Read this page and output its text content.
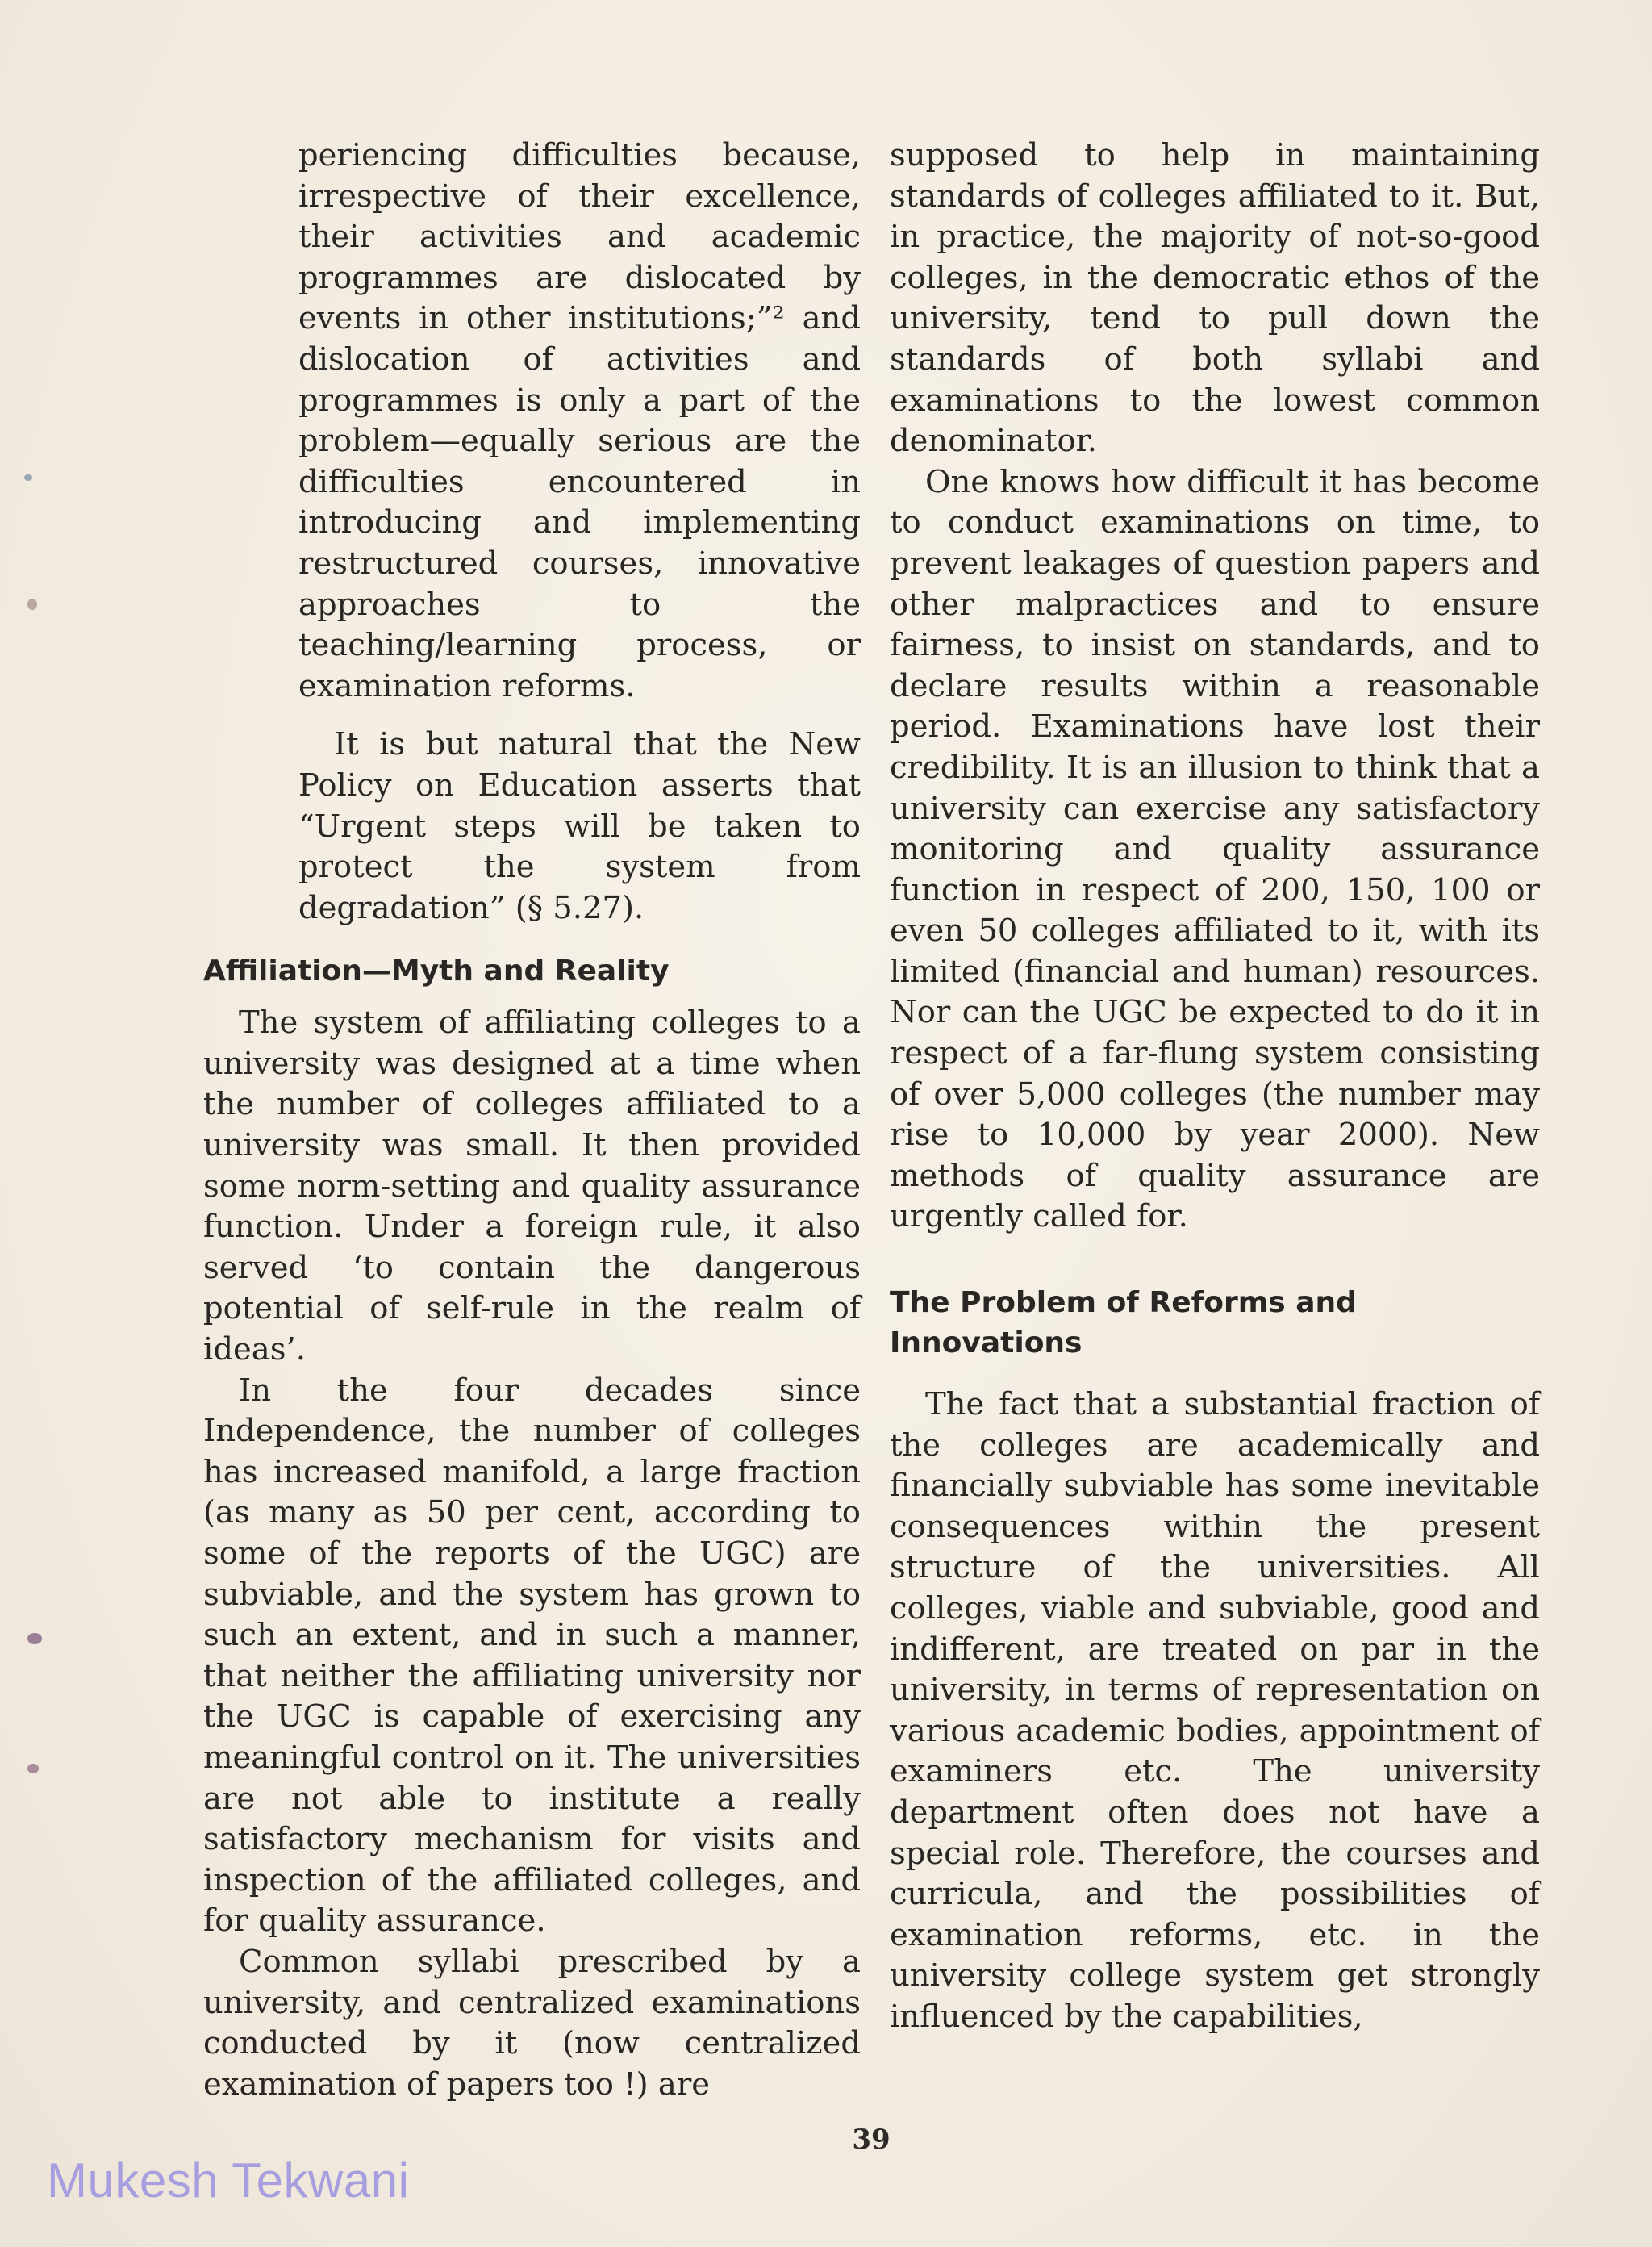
periencing difficulties because, irrespective of their excellence, their activities and academic programmes are dislocated by events in other institutions;”² and dislocation of activities and programmes is only a part of the problem—equally serious are the difficulties encountered in introducing and implementing restructured courses, innovative approaches to the teaching/learning process, or examination reforms.

It is but natural that the New Policy on Education asserts that “Urgent steps will be taken to protect the system from degradation” (§ 5.27).

Affiliation—Myth and Reality

The system of affiliating colleges to a university was designed at a time when the number of colleges affiliated to a university was small. It then provided some norm-setting and quality assurance function. Under a foreign rule, it also served ‘to contain the dangerous potential of self-rule in the realm of ideas’.

In the four decades since Independence, the number of colleges has increased manifold, a large fraction (as many as 50 per cent, according to some of the reports of the UGC) are subviable, and the system has grown to such an extent, and in such a manner, that neither the affiliating university nor the UGC is capable of exercising any meaningful control on it. The universities are not able to institute a really satisfactory mechanism for visits and inspection of the affiliated colleges, and for quality assurance.

Common syllabi prescribed by a university, and centralized examinations conducted by it (now centralized examination of papers too !) are

supposed to help in maintaining standards of colleges affiliated to it. But, in practice, the majority of not-so-good colleges, in the democratic ethos of the university, tend to pull down the standards of both syllabi and examinations to the lowest common denominator.

One knows how difficult it has become to conduct examinations on time, to prevent leakages of question papers and other malpractices and to ensure fairness, to insist on standards, and to declare results within a reasonable period. Examinations have lost their credibility. It is an illusion to think that a university can exercise any satisfactory monitoring and quality assurance function in respect of 200, 150, 100 or even 50 colleges affiliated to it, with its limited (financial and human) resources. Nor can the UGC be expected to do it in respect of a far-flung system consisting of over 5,000 colleges (the number may rise to 10,000 by year 2000). New methods of quality assurance are urgently called for.

The Problem of Reforms and
Innovations

The fact that a substantial fraction of the colleges are academically and financially subviable has some inevitable consequences within the present structure of the universities. All colleges, viable and subviable, good and indifferent, are treated on par in the university, in terms of representation on various academic bodies, appointment of examiners etc. The university department often does not have a special role. Therefore, the courses and curricula, and the possibilities of examination reforms, etc. in the university college system get strongly influenced by the capabilities,

39
Mukesh Tekwani
